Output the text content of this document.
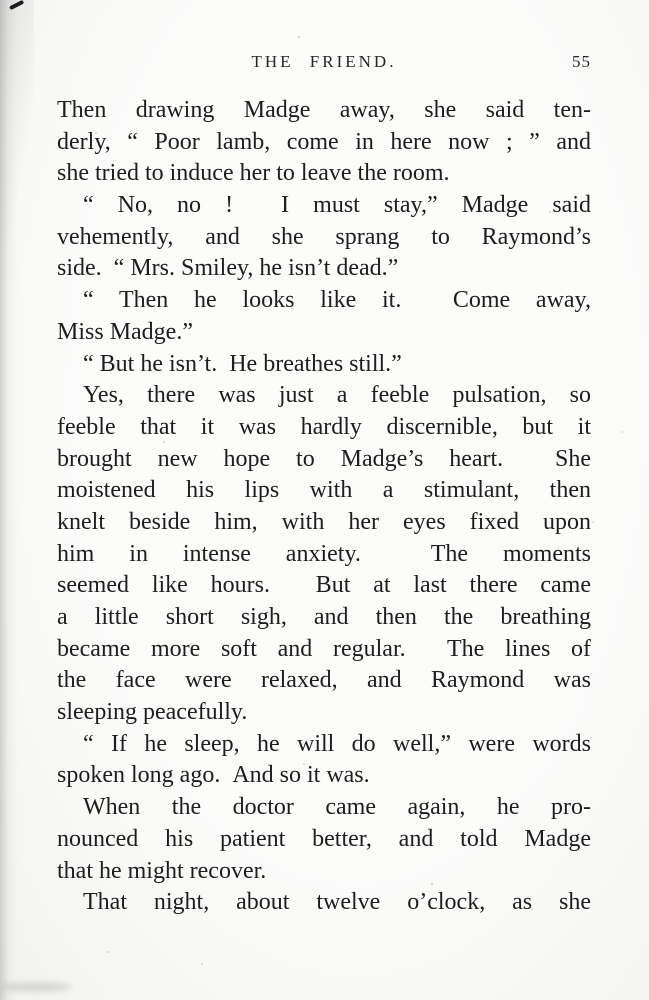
THE FRIEND.	55
Then drawing Madge away, she said ten-
derly, “ Poor lamb, come in here now ; ” and
she tried to induce her to leave the room.
“ No, no !  I must stay,” Madge said
vehemently, and she sprang to Raymond’s
side.  “ Mrs. Smiley, he isn’t dead.”
“ Then he looks like it.  Come away,
Miss Madge.”
“ But he isn’t.  He breathes still.”
Yes, there was just a feeble pulsation, so
feeble that it was hardly discernible, but it
brought new hope to Madge’s heart.  She
moistened his lips with a stimulant, then
knelt beside him, with her eyes fixed upon
him in intense anxiety.  The moments
seemed like hours.  But at last there came
a little short sigh, and then the breathing
became more soft and regular.  The lines of
the face were relaxed, and Raymond was
sleeping peacefully.
“ If he sleep, he will do well,” were words
spoken long ago.  And so it was.
When the doctor came again, he pro-
nounced his patient better, and told Madge
that he might recover.
That night, about twelve o’clock, as she
